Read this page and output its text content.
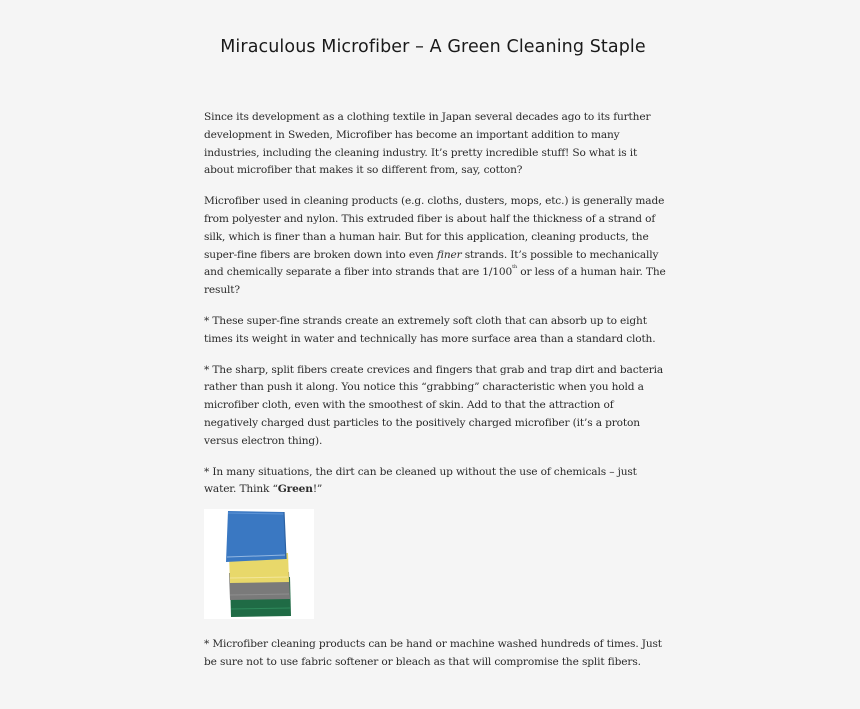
Miraculous Microfiber – A Green Cleaning Staple

Since its development as a clothing textile in Japan several decades ago to its further
development in Sweden, Microfiber has become an important addition to many
industries, including the cleaning industry. It’s pretty incredible stuff! So what is it
about microfiber that makes it so different from, say, cotton?

Microfiber used in cleaning products (e.g. cloths, dusters, mops, etc.) is generally made
from polyester and nylon. This extruded fiber is about half the thickness of a strand of
silk, which is finer than a human hair. But for this application, cleaning products, the
super-fine fibers are broken down into even finer strands. It’s possible to mechanically
and chemically separate a fiber into strands that are 1/100th or less of a human hair. The
result?

* These super-fine strands create an extremely soft cloth that can absorb up to eight
times its weight in water and technically has more surface area than a standard cloth.

* The sharp, split fibers create crevices and fingers that grab and trap dirt and bacteria
rather than push it along. You notice this “grabbing” characteristic when you hold a
microfiber cloth, even with the smoothest of skin. Add to that the attraction of
negatively charged dust particles to the positively charged microfiber (it’s a proton
versus electron thing).

* In many situations, the dirt can be cleaned up without the use of chemicals – just
water. Think “Green!”

* Microfiber cleaning products can be hand or machine washed hundreds of times. Just
be sure not to use fabric softener or bleach as that will compromise the split fibers.
